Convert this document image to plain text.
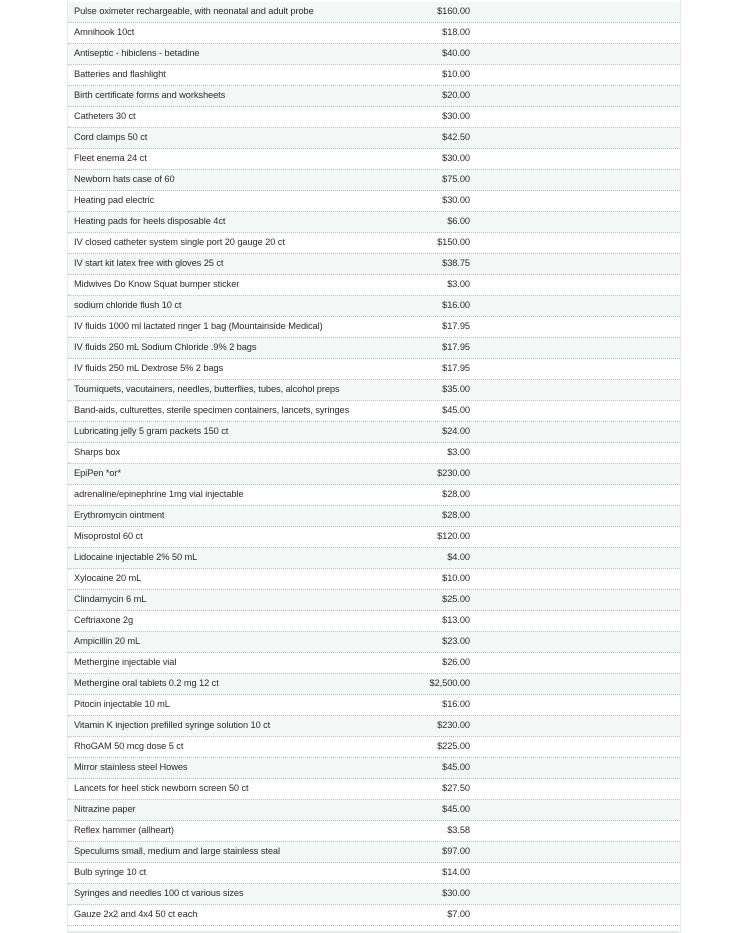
Pulse oximeter rechargeable, with neonatal and adult probe	$160.00
Amnihook 10ct	$18.00
Antiseptic - hibiclens - betadine	$40.00
Batteries and flashlight	$10.00
Birth certificate forms and worksheets	$20.00
Catheters 30 ct	$30.00
Cord clamps 50 ct	$42.50
Fleet enema 24 ct	$30.00
Newborn hats case of 60	$75.00
Heating pad electric	$30.00
Heating pads for heels disposable 4ct	$6.00
IV closed catheter system single port 20 gauge 20 ct	$150.00
IV start kit latex free with gloves 25 ct	$38.75
Midwives Do Know Squat bumper sticker	$3.00
sodium chloride flush 10 ct	$16.00
IV fluids 1000 ml lactated ringer 1 bag (Mountainside Medical)	$17.95
IV fluids 250 mL Sodium Chloride .9% 2 bags	$17.95
IV fluids 250 mL Dextrose 5% 2 bags	$17.95
Tourniquets, vacutainers, needles, butterflies, tubes, alcohol preps	$35.00
Band-aids, culturettes, sterile specimen containers, lancets, syringes	$45.00
Lubricating jelly 5 gram packets 150 ct	$24.00
Sharps box	$3.00
EpiPen *or*	$230.00
adrenaline/epinephrine 1mg vial injectable	$28.00
Erythromycin ointment	$28.00
Misoprostol 60 ct	$120.00
Lidocaine injectable 2% 50 mL	$4.00
Xylocaine 20 mL	$10.00
Clindamycin 6 mL	$25.00
Ceftriaxone 2g	$13.00
Ampicillin 20 mL	$23.00
Methergine injectable vial	$26.00
Methergine oral tablets 0.2 mg 12 ct	$2,500.00
Pitocin injectable 10 mL	$16.00
Vitamin K injection prefilled syringe solution 10 ct	$230.00
RhoGAM 50 mcg dose 5 ct	$225.00
Mirror stainless steel Howes	$45.00
Lancets for heel stick newborn screen 50 ct	$27.50
Nitrazine paper	$45.00
Reflex hammer (allheart)	$3.58
Speculums small, medium and large stainless steal	$97.00
Bulb syringe 10 ct	$14.00
Syringes and needles 100 ct various sizes	$30.00
Gauze 2x2 and 4x4 50 ct each	$7.00
